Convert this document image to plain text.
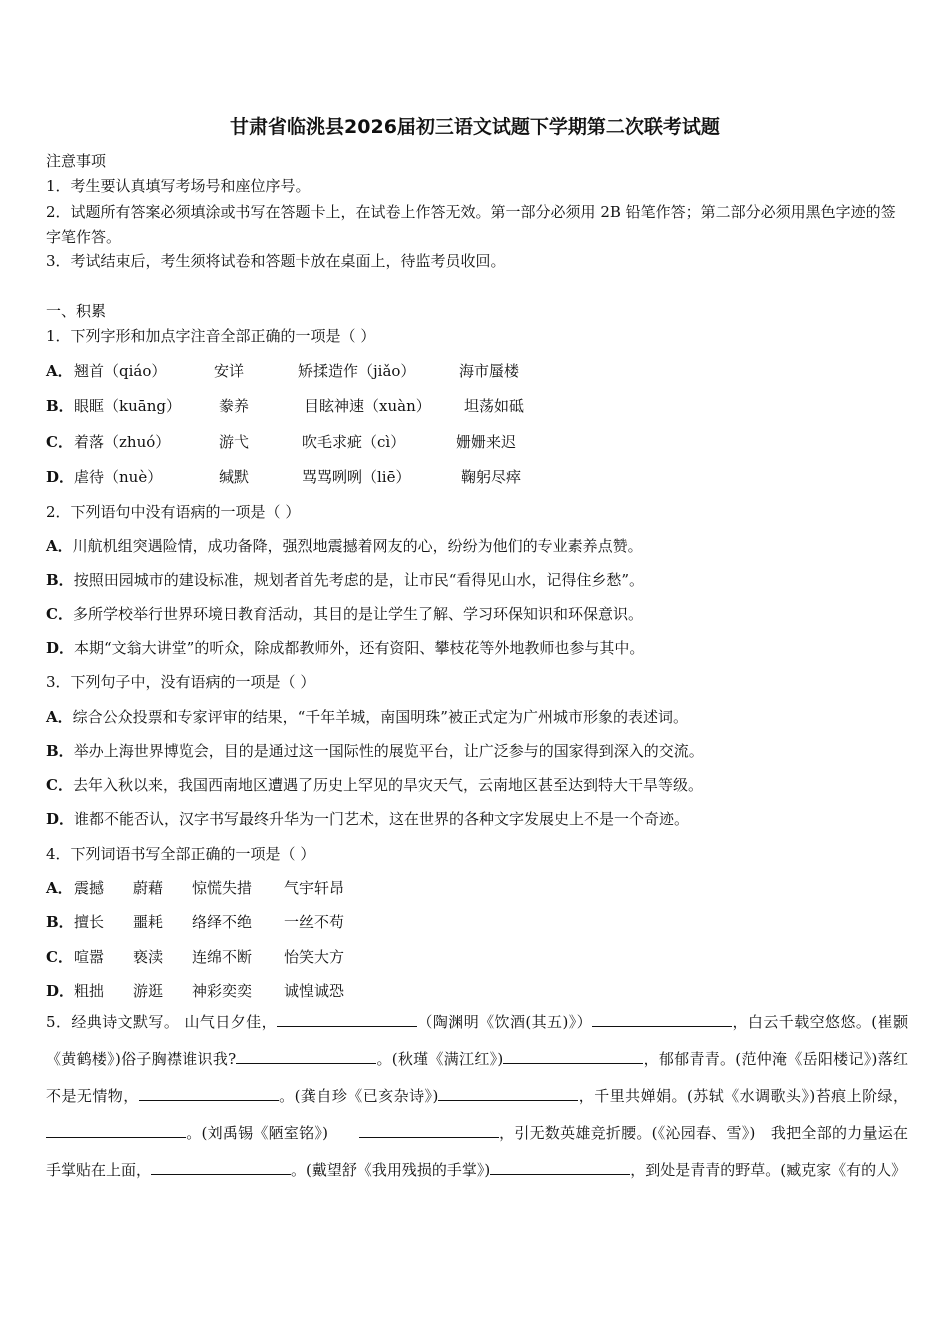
甘肃省临洮县2026届初三语文试题下学期第二次联考试题
注意事项
1．考生要认真填写考场号和座位序号。
2．试题所有答案必须填涂或书写在答题卡上，在试卷上作答无效。第一部分必须用 2B 铅笔作答；第二部分必须用黑色字迹的签字笔作答。
3．考试结束后，考生须将试卷和答题卡放在桌面上，待监考员收回。
一、积累
1．下列字形和加点字注音全部正确的一项是（ ）
A． 翘首（qiáo）	安详	矫揉造作（jiǎo）	海市蜃楼
B． 眼眶（kuāng）	豢养	目眩神速（xuàn） 坦荡如砥
C． 着落（zhuó）	游弋	吹毛求疵（cì）	姗姗来迟
D． 虐待（nuè）	缄默	骂骂咧咧（liē）	鞠躬尽瘁
2．下列语句中没有语病的一项是（ ）
A．川航机组突遇险情，成功备降，强烈地震撼着网友的心，纷纷为他们的专业素养点赞。
B．按照田园城市的建设标准，规划者首先考虑的是，让市民“看得见山水，记得住乡愁”。
C．多所学校举行世界环境日教育活动，其目的是让学生了解、学习环保知识和环保意识。
D．本期“文翁大讲堂”的听众，除成都教师外，还有资阳、攀枝花等外地教师也参与其中。
3．下列句子中，没有语病的一项是（ ）
A．综合公众投票和专家评审的结果，“千年羊城，南国明珠”被正式定为广州城市形象的表述词。
B．举办上海世界博览会，目的是通过这一国际性的展览平台，让广泛参与的国家得到深入的交流。
C．去年入秋以来，我国西南地区遭遇了历史上罕见的旱灾天气，云南地区甚至达到特大干旱等级。
D．谁都不能否认，汉字书写最终升华为一门艺术，这在世界的各种文字发展史上不是一个奇迹。
4．下列词语书写全部正确的一项是（ ）
A． 震撼 蔚藉 惊慌失措 气宇轩昂
B． 擅长 噩耗 络绎不绝 一丝不苟
C． 喧嚣 亵渎 连绵不断 怡笑大方
D． 粗拙 游逛 神彩奕奕 诚惶诚恐
5．经典诗文默写。 山气日夕佳，	（陶渊明《饮酒(其五)》）	，白云千载空悠悠。(崔颢《黄鹤楼》)俗子胸襟谁识我?	。(秋瑾《满江红》)	，郁郁青青。(范仲淹《岳阳楼记》)落红不是无情物，	。(龚自珍《已亥杂诗》)	，千里共婵娟。(苏轼《水调歌头》)苔痕上阶绿，。(刘禹锡《陋室铭》)　　	，引无数英雄竞折腰。(《沁园春、雪》)　我把全部的力量运在手掌贴在上面，	。(戴望舒《我用残损的手掌》)	，到处是青青的野草。(臧克家《有的人》
